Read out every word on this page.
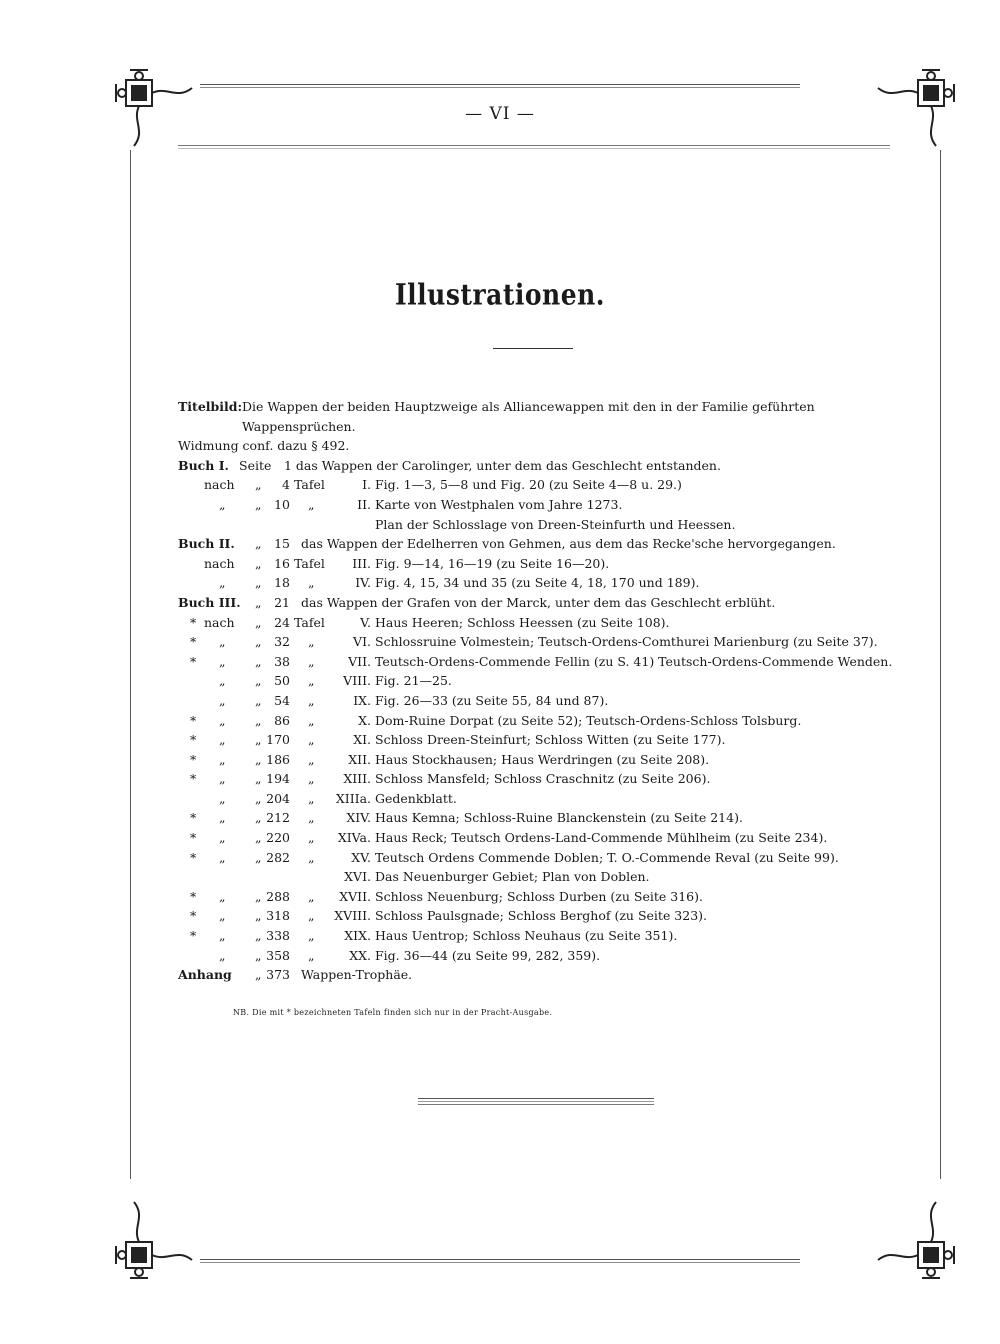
— VI —
Illustrationen.
Titelbild: Die Wappen der beiden Hauptzweige als Alliancewappen mit den in der Familie geführten
Wappensprüchen.
Widmung conf. dazu § 492.
Buch I. Seite 1 das Wappen der Carolinger, unter dem das Geschlecht entstanden.
nach „	4 Tafel	I. Fig. 1—3, 5—8 und Fig. 20 (zu Seite 4—8 u. 29.)
„ „	10 „	II. Karte von Westphalen vom Jahre 1273.
Plan der Schlosslage von Dreen-Steinfurth und Heessen.
Buch II. „	15 das Wappen der Edelherren von Gehmen, aus dem das Recke'sche hervorgegangen.
nach „	16 Tafel	III. Fig. 9—14, 16—19 (zu Seite 16—20).
„ „	18 „	IV. Fig. 4, 15, 34 und 35 (zu Seite 4, 18, 170 und 189).
Buch III. „	21 das Wappen der Grafen von der Marck, unter dem das Geschlecht erblüht.
* nach „	24 Tafel	V. Haus Heeren; Schloss Heessen (zu Seite 108).
* „ „	32 „	VI. Schlossruine Volmestein; Teutsch-Ordens-Comthurei Marienburg (zu Seite 37).
* „ „	38 „	VII. Teutsch-Ordens-Commende Fellin (zu S. 41) Teutsch-Ordens-Commende Wenden.
„ „	50 „	VIII. Fig. 21—25.
„ „	54 „	IX. Fig. 26—33 (zu Seite 55, 84 und 87).
* „ „	86 „	X. Dom-Ruine Dorpat (zu Seite 52); Teutsch-Ordens-Schloss Tolsburg.
* „ „ 170 „	XI. Schloss Dreen-Steinfurt; Schloss Witten (zu Seite 177).
* „ „ 186 „	XII. Haus Stockhausen; Haus Werdringen (zu Seite 208).
* „ „ 194 „	XIII. Schloss Mansfeld; Schloss Craschnitz (zu Seite 206).
„ „ 204 „	XIIIa. Gedenkblatt.
* „ „ 212 „	XIV. Haus Kemna; Schloss-Ruine Blanckenstein (zu Seite 214).
* „ „ 220 „	XIVa. Haus Reck; Teutsch Ordens-Land-Commende Mühlheim (zu Seite 234).
* „ „ 282 „	XV. Teutsch Ordens Commende Doblen; T. O.-Commende Reval (zu Seite 99).
XVI. Das Neuenburger Gebiet; Plan von Doblen.
* „ „ 288 „	XVII. Schloss Neuenburg; Schloss Durben (zu Seite 316).
* „ „ 318 „	XVIII. Schloss Paulsgnade; Schloss Berghof (zu Seite 323).
* „ „ 338 „	XIX. Haus Uentrop; Schloss Neuhaus (zu Seite 351).
„ „ 358 „	XX. Fig. 36—44 (zu Seite 99, 282, 359).
Anhang „ 373 Wappen-Trophäe.
NB. Die mit * bezeichneten Tafeln finden sich nur in der Pracht-Ausgabe.
